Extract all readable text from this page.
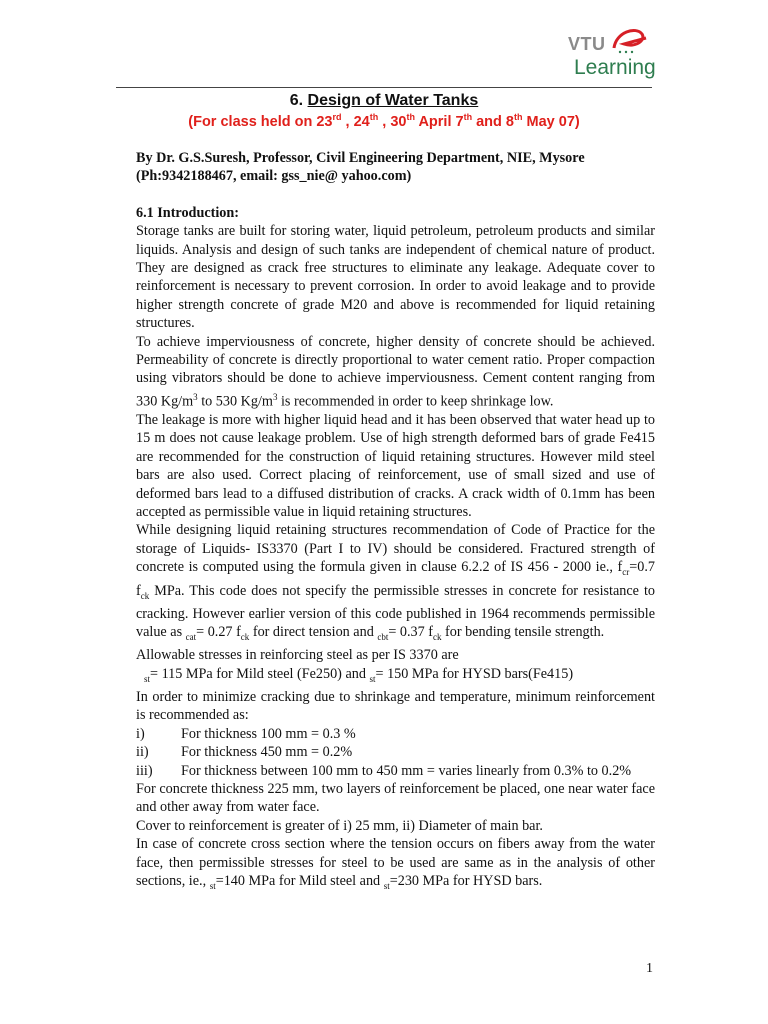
VTU
Learning
6. Design of Water Tanks
(For class held on 23rd , 24th , 30th April 7th and 8th May 07)

By Dr. G.S.Suresh, Professor, Civil Engineering Department, NIE, Mysore

(Ph:9342188467, email: gss_nie@ yahoo.com)

6.1 Introduction:

Storage tanks are built for storing water, liquid petroleum, petroleum products and similar liquids. Analysis and design of such tanks are independent of chemical nature of product. They are designed as crack free structures to eliminate any leakage. Adequate cover to reinforcement is necessary to prevent corrosion. In order to avoid leakage and to provide higher strength concrete of grade M20 and above is recommended for liquid retaining structures.

To achieve imperviousness of concrete, higher density of concrete should be achieved. Permeability of concrete is directly proportional to water cement ratio. Proper compaction using vibrators should be done to achieve imperviousness. Cement content ranging from 330 $Kg/m^3$ to 530 $Kg/m^3$ is recommended in order to keep shrinkage low.

The leakage is more with higher liquid head and it has been observed that water head up to 15 m does not cause leakage problem. Use of high strength deformed bars of grade Fe415 are recommended for the construction of liquid retaining structures. However mild steel bars are also used. Correct placing of reinforcement, use of small sized and use of deformed bars lead to a diffused distribution of cracks. A crack width of 0.1mm has been accepted as permissible value in liquid retaining structures.

While designing liquid retaining structures recommendation of Code of Practice for the storage of Liquids- IS3370 (Part I to IV) should be considered. Fractured strength of concrete is computed using the formula given in clause 6.2.2 of IS 456 - 2000 ie., $f_{cr}=0.7$ $f_{ck}$ MPa. This code does not specify the permissible stresses in concrete for resistance to cracking. However earlier version of this code published in 1964 recommends permissible value as $_{cat}$= 0.27 $f_{ck}$ for direct tension and $_{cbt}$= 0.37 $f_{ck}$ for bending tensile strength.

Allowable stresses in reinforcing steel as per IS 3370 are

$_{st}$= 115 MPa for Mild steel (Fe250) and $_{st}$= 150 MPa for HYSD bars(Fe415)

In order to minimize cracking due to shrinkage and temperature, minimum reinforcement is recommended as:

i)	For thickness 100 mm = 0.3 %
ii)	For thickness 450 mm = 0.2%
iii)	For thickness between 100 mm to 450 mm = varies linearly from 0.3% to 0.2%

For concrete thickness 225 mm, two layers of reinforcement be placed, one near water face and other away from water face.

Cover to reinforcement is greater of i) 25 mm, ii) Diameter of main bar.

In case of concrete cross section where the tension occurs on fibers away from the water face, then permissible stresses for steel to be used are same as in the analysis of other sections, ie., $_{st}$=140 MPa for Mild steel and $_{st}$=230 MPa for HYSD bars.

1
